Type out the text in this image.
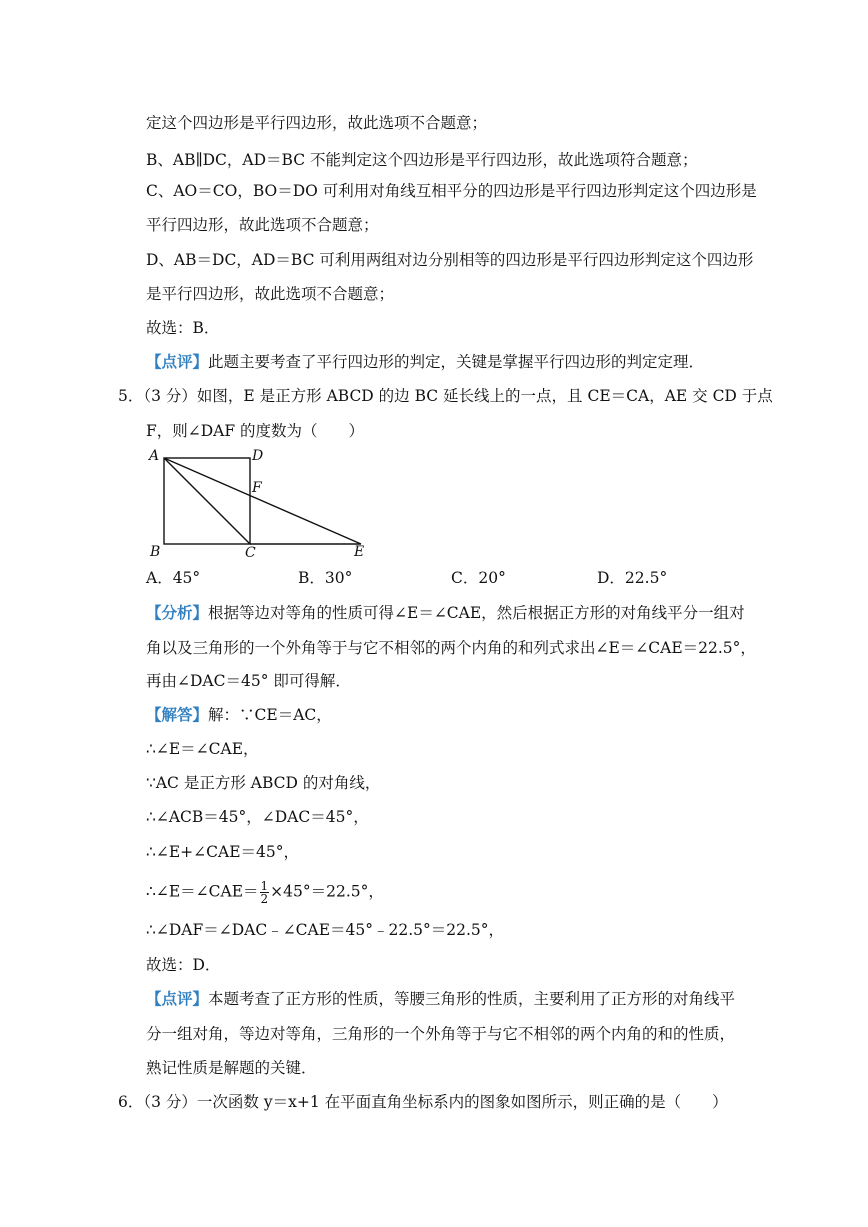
定这个四边形是平行四边形，故此选项不合题意；
B、AB∥DC，AD＝BC 不能判定这个四边形是平行四边形，故此选项符合题意；
C、AO＝CO，BO＝DO 可利用对角线互相平分的四边形是平行四边形判定这个四边形是
平行四边形，故此选项不合题意；
D、AB＝DC，AD＝BC 可利用两组对边分别相等的四边形是平行四边形判定这个四边形
是平行四边形，故此选项不合题意；
故选：B．
【点评】此题主要考查了平行四边形的判定，关键是掌握平行四边形的判定定理．
5．（3 分）如图，E 是正方形 ABCD 的边 BC 延长线上的一点，且 CE＝CA，AE 交 CD 于点
F，则∠DAF 的度数为（　　）
A	D
F
B	C	E
A．45°	B．30°	C．20°	D．22.5°
【分析】根据等边对等角的性质可得∠E＝∠CAE，然后根据正方形的对角线平分一组对
角以及三角形的一个外角等于与它不相邻的两个内角的和列式求出∠E＝∠CAE＝22.5°，
再由∠DAC＝45° 即可得解．
【解答】解：∵CE＝AC，
∴∠E＝∠CAE，
∵AC 是正方形 ABCD 的对角线，
∴∠ACB＝45°，∠DAC＝45°，
∴∠E+∠CAE＝45°，
∴∠E＝∠CAE＝ $\frac{1}{2} \times 45^\circ=22.5^\circ$，
∴∠DAF＝∠DAC﹣∠CAE＝45°﹣22.5°＝22.5°，
故选：D．
【点评】本题考查了正方形的性质，等腰三角形的性质，主要利用了正方形的对角线平
分一组对角，等边对等角，三角形的一个外角等于与它不相邻的两个内角的和的性质，
熟记性质是解题的关键．
6．（3 分）一次函数 y＝x+1 在平面直角坐标系内的图象如图所示，则正确的是（　　）
